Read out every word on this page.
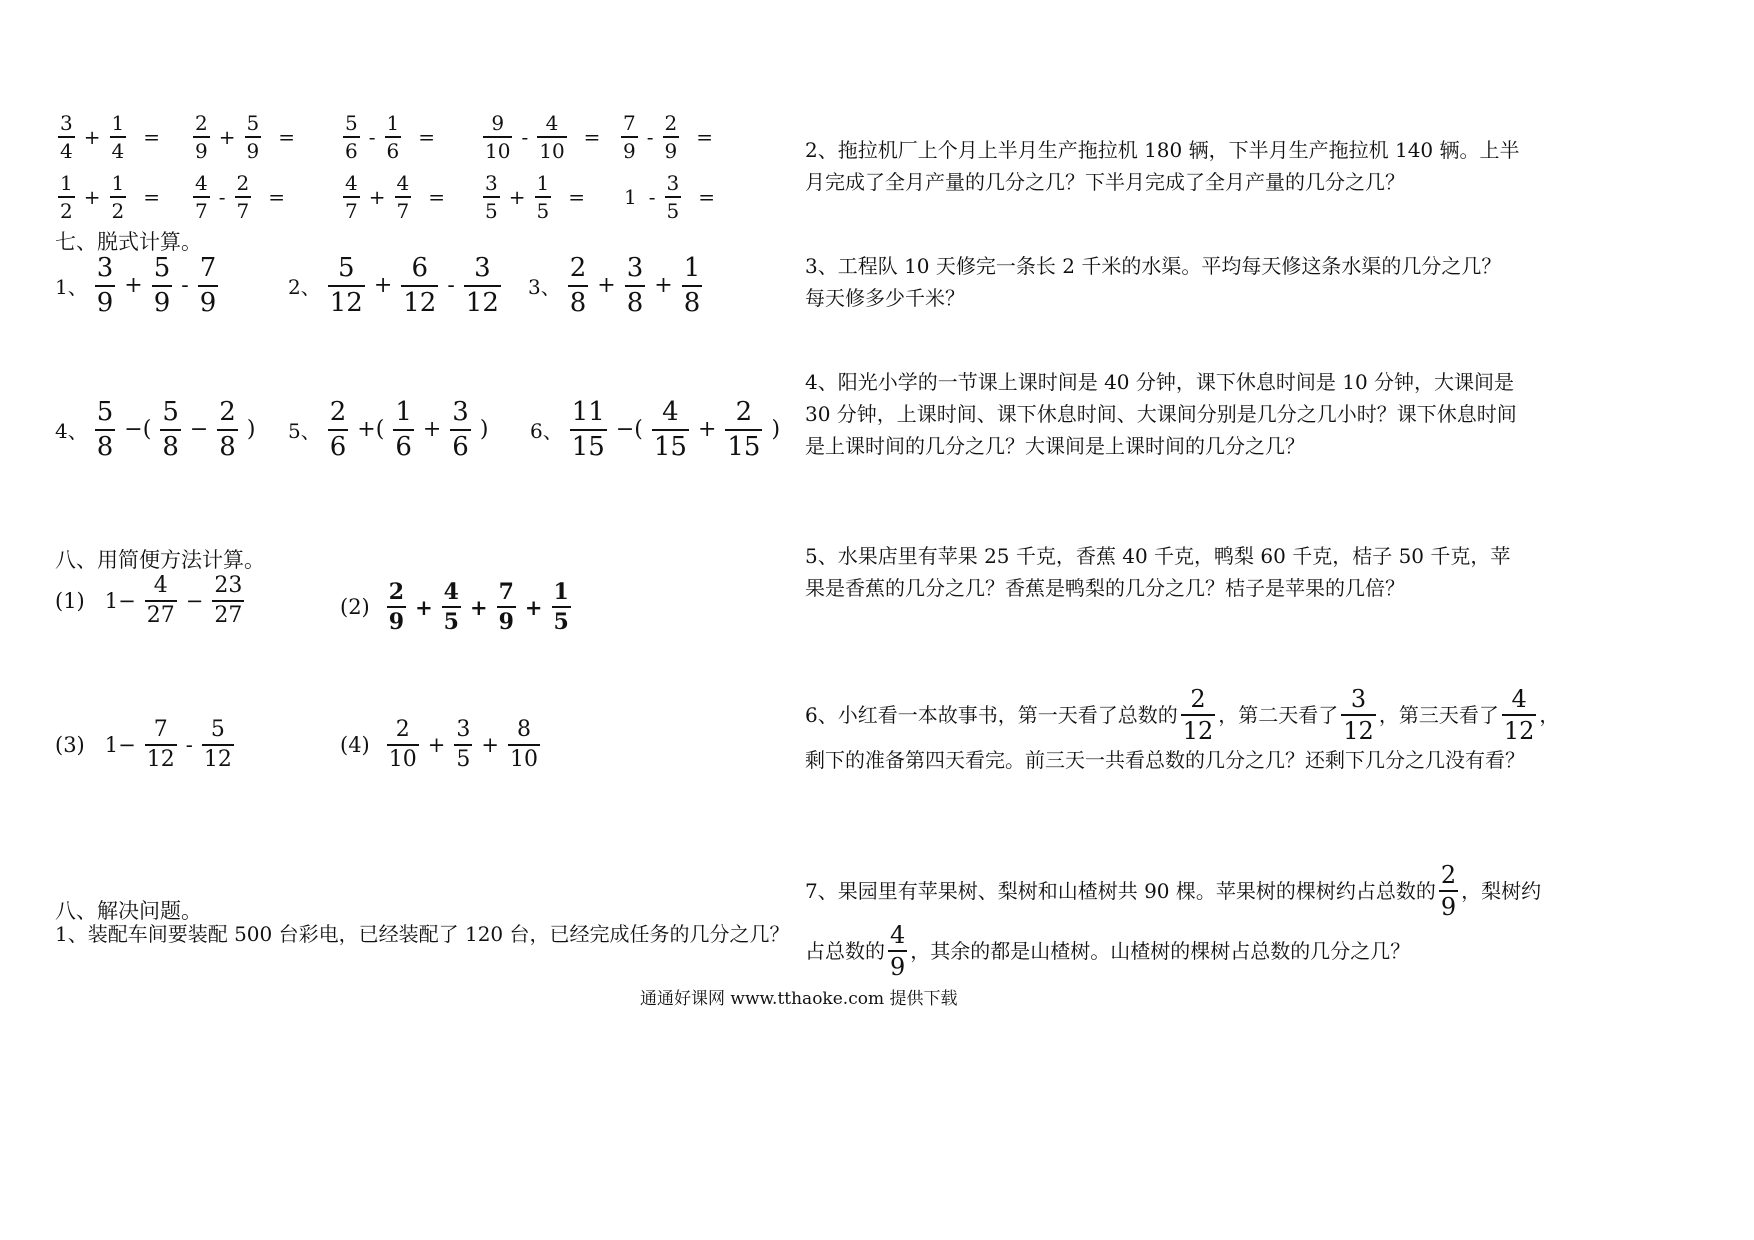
$\frac{3}{4} + \frac{1}{4} = \frac{2}{9} + \frac{5}{9} = \frac{5}{6} - \frac{1}{6} = \frac{9}{10} - \frac{4}{10} = \frac{7}{9} - \frac{2}{9}$ =
$\frac{1}{2} + \frac{1}{2} = \frac{4}{7} - \frac{2}{7}$ =	$\frac{4}{7} + \frac{4}{7} = \frac{3}{5} + \frac{1}{5} = 1 - \frac{3}{5}$ =
七、脱式计算。
1、 $\frac{3}{9} + \frac{5}{9} - \frac{7}{9}$	2、 $\frac{5}{12} + \frac{6}{12} - \frac{3}{12} 3$、 $\frac{2}{8} + \frac{3}{8} + \frac{1}{8}$
4、 $\frac{5}{8}$ −( $\frac{5}{8} - \frac{2}{8}$ ) 5、 $\frac{2}{6}$ +( $\frac{1}{6} + \frac{3}{6}$ ) 6、 $\frac{11}{15}$ −( $\frac{4}{15} + \frac{2}{15}$ )
八、用简便方法计算。
(1) $1- \frac{4}{27} - \frac{23}{27}$	$(2) \frac{2}{9} + \frac{4}{5} + \frac{7}{9} + \frac{1}{5}$
(3) $1- \frac{7}{12} - \frac{5}{12}$	$(4) \frac{2}{10} + \frac{3}{5} + \frac{8}{10}$
八、解决问题。
1、装配车间要装配 500 台彩电，已经装配了 120 台，已经完成任务的几分之几？
2、拖拉机厂上个月上半月生产拖拉机 180 辆，下半月生产拖拉机 140 辆。上半月完成了全月产量的几分之几？下半月完成了全月产量的几分之几？
3、工程队 10 天修完一条长 2 千米的水渠。平均每天修这条水渠的几分之几？每天修多少千米？
4、阳光小学的一节课上课时间是 40 分钟，课下休息时间是 10 分钟，大课间是 30 分钟，上课时间、课下休息时间、大课间分别是几分之几小时？课下休息时间是上课时间的几分之几？大课间是上课时间的几分之几？
5、水果店里有苹果 25 千克，香蕉 40 千克，鸭梨 60 千克，桔子 50 千克，苹果是香蕉的几分之几？香蕉是鸭梨的几分之几？桔子是苹果的几倍？
6、小红看一本故事书，第一天看了总数的 $\frac{2}{12}$ ，第二天看了 $\frac{3}{12}$ ，第三天看了 $\frac{4}{12}$ ，
剩下的准备第四天看完。前三天一共看总数的几分之几？还剩下几分之几没有看？
7、果园里有苹果树、梨树和山楂树共 90 棵。苹果树的棵树约占总数的 $\frac{2}{9}$ ，梨树约
占总数的 $\frac{4}{9}$ ，其余的都是山楂树。山楂树的棵树占总数的几分之几？
通通好课网 www.tthaoke.com 提供下载
